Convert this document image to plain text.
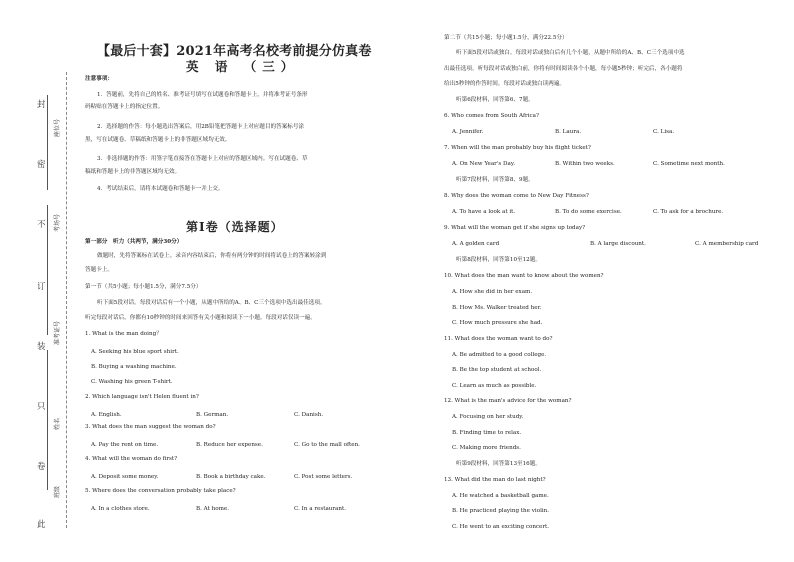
此
卷
只
装
订
不
密
封
班级
姓名
准考证号
考场号
座位号
【最后十套】2021年高考名校考前提分仿真卷
英 语 （三）
注意事项：
1．答题前，先将自己的姓名、准考证号填写在试题卷和答题卡上，并将准考证号条形
码粘贴在答题卡上的指定位置。
2．选择题的作答：每小题选出答案后，用2B铅笔把答题卡上对应题目的答案标号涂
黑，写在试题卷、草稿纸和答题卡上的非答题区域均无效。
3．非选择题的作答：用签字笔直接答在答题卡上对应的答题区域内。写在试题卷、草
稿纸和答题卡上的非答题区域均无效。
4．考试结束后，请将本试题卷和答题卡一并上交。
第Ⅰ卷（选择题）
第一部分　听力（共两节，满分30分）
做题时，先将答案标在试卷上。录音内容结束后，你将有两分钟的时间将试卷上的答案转涂到
答题卡上。
第一节（共5小题；每小题1.5分，满分7.5分）
听下面5段对话。每段对话后有一个小题，从题中所给的A、B、C三个选项中选出最佳选项。
听完每段对话后，你都有10秒钟的时间来回答有关小题和阅读下一小题。每段对话仅读一遍。
1. What is the man doing？
A. Seeking his blue sport shirt.
B. Buying a washing machine.
C. Washing his green T-shirt.
2. Which language isn't Helen fluent in?
A. English.	B. German.	C. Danish.
3. What does the man suggest the woman do?
A. Pay the rent on time.	B. Reduce her expense.	C. Go to the mall often.
4. What will the woman do first?
A. Deposit some money.	B. Book a birthday cake.	C. Post some letters.
5. Where does the conversation probably take place?
A. In a clothes store.	B. At home.	C. In a restaurant.
第二节（共15小题；每小题1.5分，满分22.5分）
听下面5段对话或独白。每段对话或独白后有几个小题，从题中所给的A、B、C三个选项中选
出最佳选项。听每段对话或独白前，你将有时间阅读各个小题，每小题5秒钟；听完后，各小题将
给出5秒钟的作答时间。每段对话或独白读两遍。
听第6段材料，回答第6、7题。
6. Who comes from South Africa?
A. Jennifer.	B. Laura.	C. Lisa.
7. When will the man probably buy his flight ticket?
A. On New Year's Day.	B. Within two weeks.	C. Sometime next month.
听第7段材料，回答第8、9题。
8. Why does the woman come to New Day Fitness?
A. To have a look at it.	B. To do some exercise.	C. To ask for a brochure.
9. What will the woman get if she signs up today?
A. A golden card	B. A large discount.	C. A membership card
听第8段材料，回答第10至12题。
10. What does the man want to know about the women?
A. How she did in her exam.
B. How Ms. Walker treated her.
C. How much pressure she had.
11. What does the woman want to do?
A. Be admitted to a good college.
B. Be the top student at school.
C. Learn as much as possible.
12. What is the man's advice for the woman?
A. Focusing on her study.
B. Finding time to relax.
C. Making more friends.
听第9段材料，回答第13至16题。
13. What did the man do last night?
A. He watched a basketball game.
B. He practiced playing the violin.
C. He went to an exciting concert.
